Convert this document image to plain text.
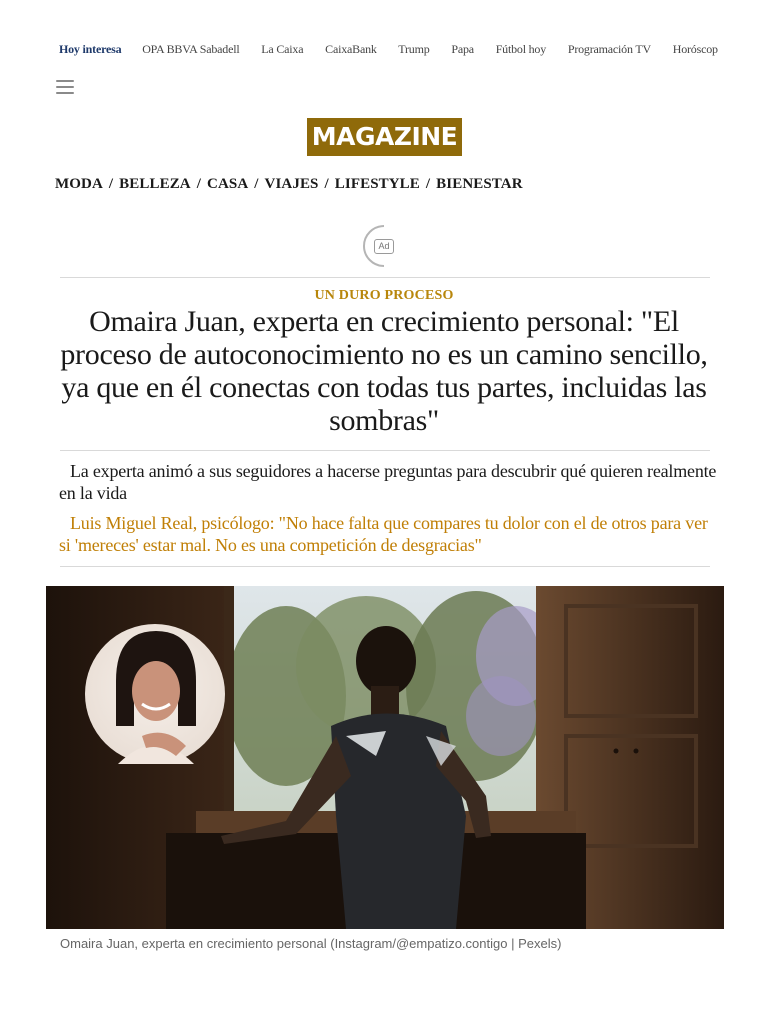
Hoy interesa OPA BBVA Sabadell La Caixa CaixaBank Trump Papa Fútbol hoy Programación TV Horóscop
MAGAZINE
MODA / BELLEZA / CASA / VIAJES / LIFESTYLE / BIENESTAR
Ad
UN DURO PROCESO
Omaira Juan, experta en crecimiento personal: "El proceso de autoconocimiento no es un camino sencillo, ya que en él conectas con todas tus partes, incluidas las sombras"

La experta animó a sus seguidores a hacerse preguntas para descubrir qué quieren realmente en la vida

Luis Miguel Real, psicólogo: "No hace falta que compares tu dolor con el de otros para ver si 'mereces' estar mal. No es una competición de desgracias"
Omaira Juan, experta en crecimiento personal (Instagram/@empatizo.contigo | Pexels)
